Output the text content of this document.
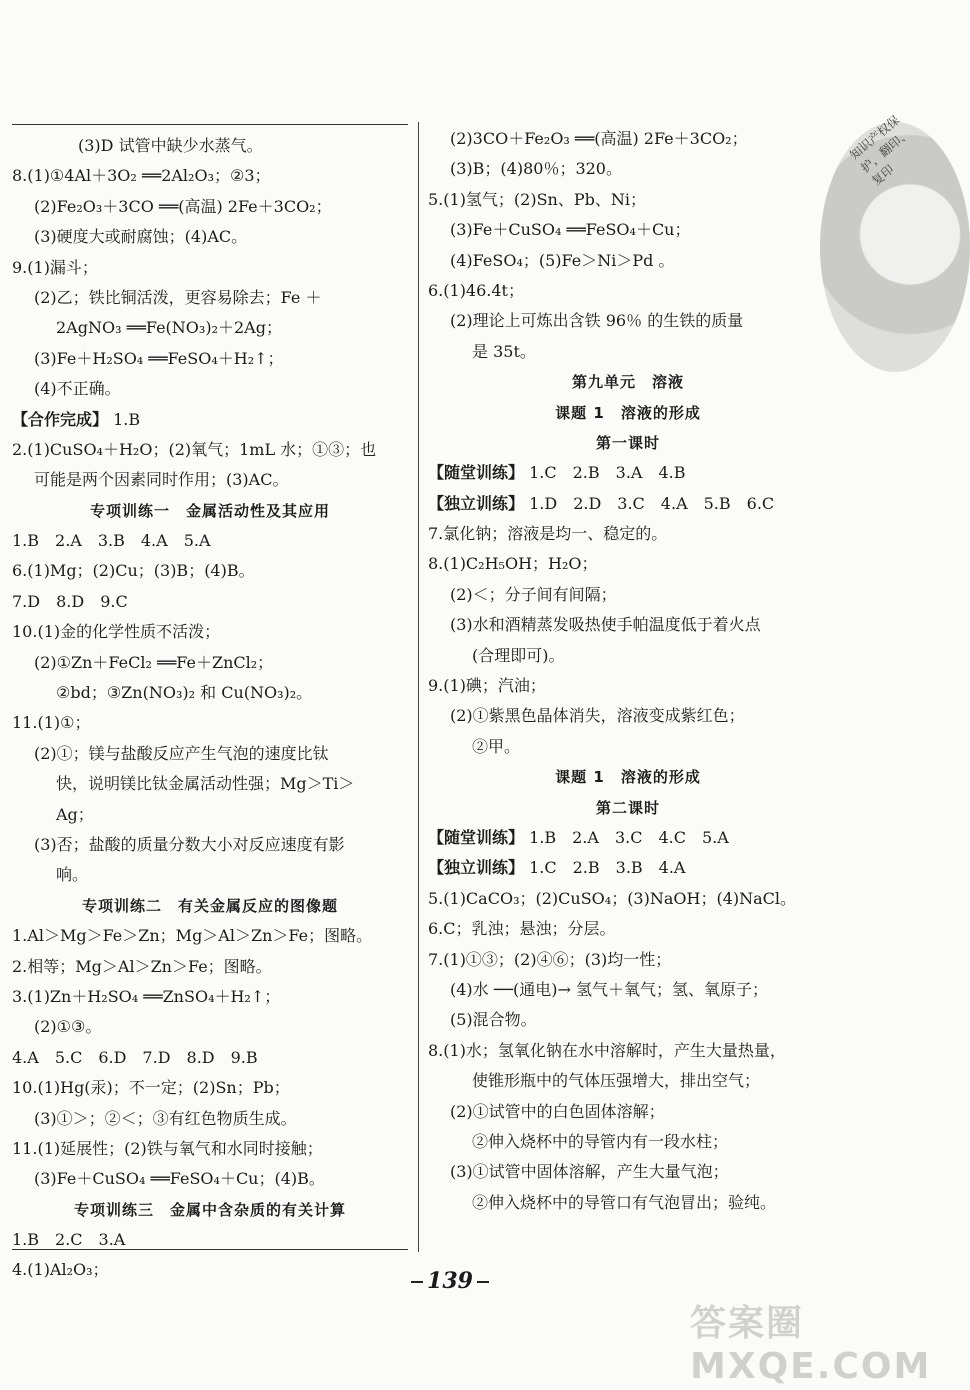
(3)D 试管中缺少水蒸气。
8.(1)①4Al＋3O₂ ══2Al₂O₃；②3；
(2)Fe₂O₃＋3CO ══(高温) 2Fe＋3CO₂；
(3)硬度大或耐腐蚀；(4)AC。
9.(1)漏斗；
(2)乙；铁比铜活泼，更容易除去；Fe ＋
2AgNO₃ ══Fe(NO₃)₂＋2Ag；
(3)Fe＋H₂SO₄ ══FeSO₄＋H₂↑；
(4)不正确。
【合作完成】 1.B
2.(1)CuSO₄＋H₂O；(2)氧气；1mL 水；①③；也
可能是两个因素同时作用；(3)AC。
专项训练一　金属活动性及其应用
1.B　2.A　3.B　4.A　5.A
6.(1)Mg；(2)Cu；(3)B；(4)B。
7.D　8.D　9.C
10.(1)金的化学性质不活泼；
(2)①Zn＋FeCl₂ ══Fe＋ZnCl₂；
②bd；③Zn(NO₃)₂ 和 Cu(NO₃)₂。
11.(1)①；
(2)①；镁与盐酸反应产生气泡的速度比钛
快，说明镁比钛金属活动性强；Mg＞Ti＞
Ag；
(3)否；盐酸的质量分数大小对反应速度有影
响。
专项训练二　有关金属反应的图像题
1.Al＞Mg＞Fe＞Zn；Mg＞Al＞Zn＞Fe；图略。
2.相等；Mg＞Al＞Zn＞Fe；图略。
3.(1)Zn＋H₂SO₄ ══ZnSO₄＋H₂↑；
(2)①③。
4.A　5.C　6.D　7.D　8.D　9.B
10.(1)Hg(汞)；不一定；(2)Sn；Pb；
(3)①＞；②＜；③有红色物质生成。
11.(1)延展性；(2)铁与氧气和水同时接触；
(3)Fe＋CuSO₄ ══FeSO₄＋Cu；(4)B。
专项训练三　金属中含杂质的有关计算
1.B　2.C　3.A
4.(1)Al₂O₃；
(2)3CO＋Fe₂O₃ ══(高温) 2Fe＋3CO₂；
(3)B；(4)80％；320。
5.(1)氢气；(2)Sn、Pb、Ni；
(3)Fe＋CuSO₄ ══FeSO₄＋Cu；
(4)FeSO₄；(5)Fe＞Ni＞Pd 。
6.(1)46.4t；
(2)理论上可炼出含铁 96％ 的生铁的质量
是 35t。
第九单元　溶液
课题 1　溶液的形成
第一课时
【随堂训练】 1.C　2.B　3.A　4.B
【独立训练】 1.D　2.D　3.C　4.A　5.B　6.C
7.氯化钠；溶液是均一、稳定的。
8.(1)C₂H₅OH；H₂O；
(2)＜；分子间有间隔；
(3)水和酒精蒸发吸热使手帕温度低于着火点
(合理即可)。
9.(1)碘；汽油；
(2)①紫黑色晶体消失，溶液变成紫红色；
②甲。
课题 1　溶液的形成
第二课时
【随堂训练】 1.B　2.A　3.C　4.C　5.A
【独立训练】 1.C　2.B　3.B　4.A
5.(1)CaCO₃；(2)CuSO₄；(3)NaOH；(4)NaCl。
6.C；乳浊；悬浊；分层。
7.(1)①③；(2)④⑥；(3)均一性；
(4)水 ──(通电)→ 氢气＋氧气；氢、氧原子；
(5)混合物。
8.(1)水；氢氧化钠在水中溶解时，产生大量热量，
使锥形瓶中的气体压强增大，排出空气；
(2)①试管中的白色固体溶解；
②伸入烧杯中的导管内有一段水柱；
(3)①试管中固体溶解，产生大量气泡；
②伸入烧杯中的导管口有气泡冒出；验纯。
知识产权保护，翻印、复印
139
答案圈 MXQE.COM
